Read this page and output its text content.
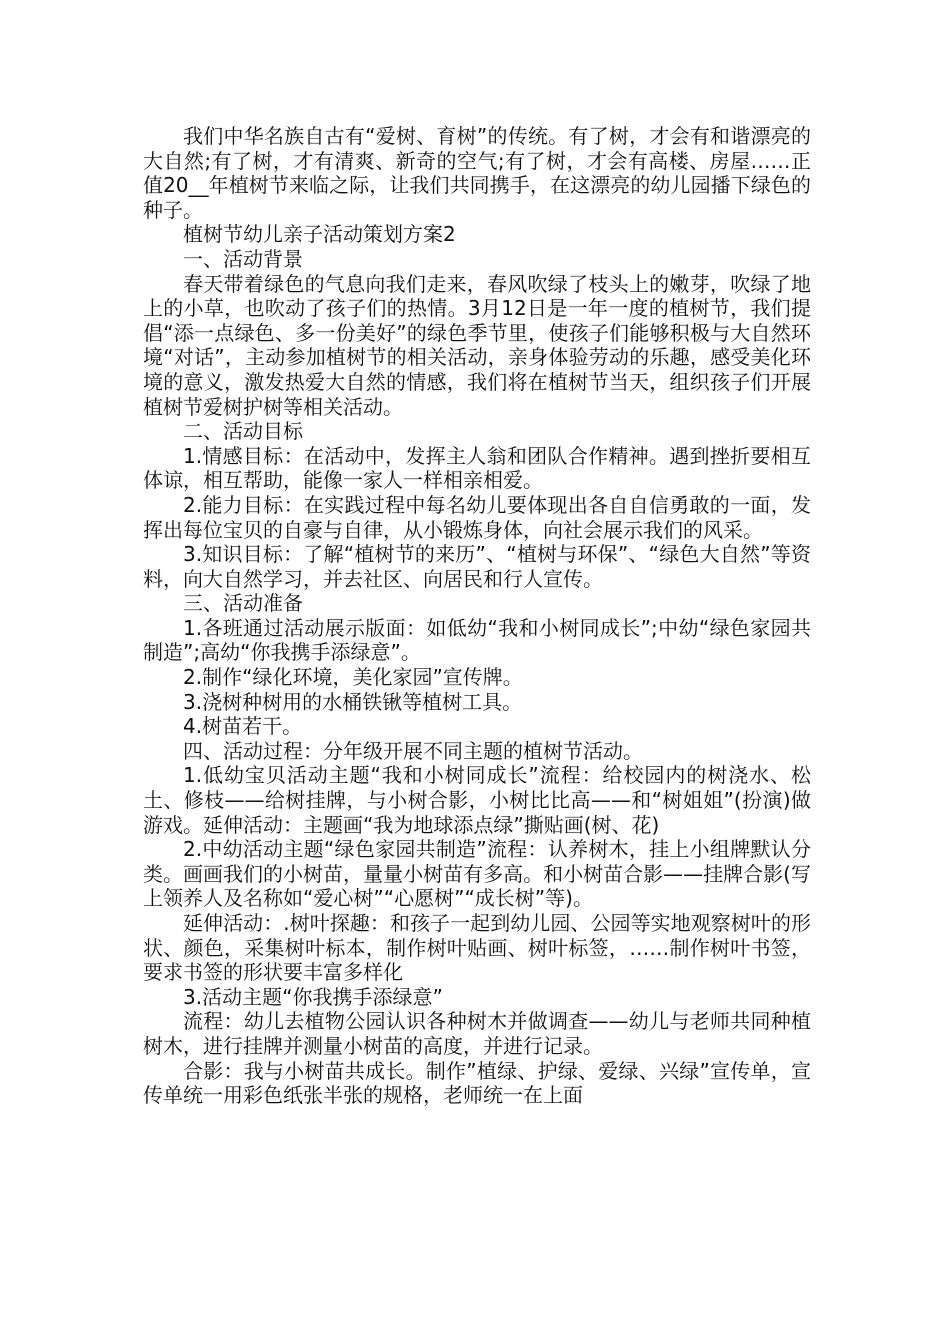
我们中华名族自古有“爱树、育树”的传统。有了树，才会有和谐漂亮的大自然;有了树，才有清爽、新奇的空气;有了树，才会有高楼、房屋……正值20__年植树节来临之际，让我们共同携手，在这漂亮的幼儿园播下绿色的种子。

植树节幼儿亲子活动策划方案2

一、活动背景

春天带着绿色的气息向我们走来，春风吹绿了枝头上的嫩芽，吹绿了地上的小草，也吹动了孩子们的热情。3月12日是一年一度的植树节，我们提倡“添一点绿色、多一份美好”的绿色季节里，使孩子们能够积极与大自然环境“对话”，主动参加植树节的相关活动，亲身体验劳动的乐趣，感受美化环境的意义，激发热爱大自然的情感，我们将在植树节当天，组织孩子们开展植树节爱树护树等相关活动。

二、活动目标

1.情感目标：在活动中，发挥主人翁和团队合作精神。遇到挫折要相互体谅，相互帮助，能像一家人一样相亲相爱。

2.能力目标：在实践过程中每名幼儿要体现出各自自信勇敢的一面，发挥出每位宝贝的自豪与自律，从小锻炼身体，向社会展示我们的风采。

3.知识目标：了解“植树节的来历”、“植树与环保”、“绿色大自然”等资料，向大自然学习，并去社区、向居民和行人宣传。

三、活动准备

1.各班通过活动展示版面：如低幼“我和小树同成长”;中幼“绿色家园共制造”;高幼“你我携手添绿意”。

2.制作“绿化环境，美化家园”宣传牌。

3.浇树种树用的水桶铁锹等植树工具。

4.树苗若干。

四、活动过程：分年级开展不同主题的植树节活动。

1.低幼宝贝活动主题“我和小树同成长”流程：给校园内的树浇水、松土、修枝——给树挂牌，与小树合影，小树比比高——和“树姐姐”(扮演)做游戏。延伸活动：主题画“我为地球添点绿”撕贴画(树、花)

2.中幼活动主题“绿色家园共制造”流程：认养树木，挂上小组牌默认分类。画画我们的小树苗，量量小树苗有多高。和小树苗合影——挂牌合影(写上领养人及名称如“爱心树”“心愿树”“成长树”等)。

延伸活动：.树叶探趣：和孩子一起到幼儿园、公园等实地观察树叶的形状、颜色，采集树叶标本，制作树叶贴画、树叶标签，……制作树叶书签，要求书签的形状要丰富多样化

3.活动主题“你我携手添绿意”

流程：幼儿去植物公园认识各种树木并做调查——幼儿与老师共同种植树木，进行挂牌并测量小树苗的高度，并进行记录。

合影：我与小树苗共成长。制作”植绿、护绿、爱绿、兴绿”宣传单，宣传单统一用彩色纸张半张的规格，老师统一在上面
